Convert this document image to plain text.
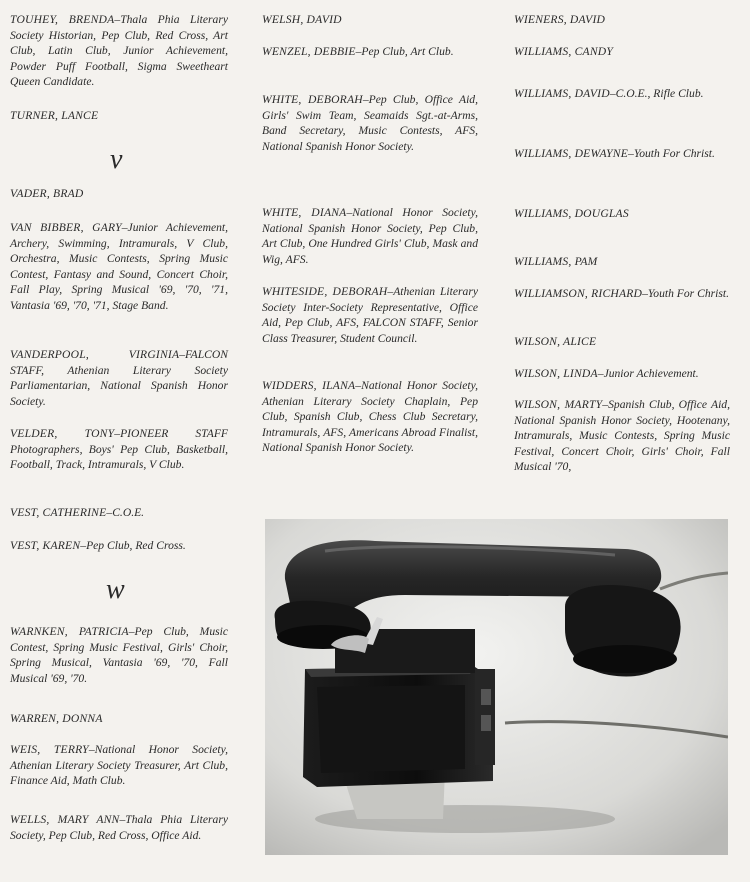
TOUHEY, BRENDA–Thala Phia Literary Society Historian, Pep Club, Red Cross, Art Club, Latin Club, Junior Achievement, Powder Puff Football, Sigma Sweetheart Queen Candidate.

TURNER, LANCE

v

VADER, BRAD

VAN BIBBER, GARY–Junior Achievement, Archery, Swimming, Intramurals, V Club, Orchestra, Music Contests, Spring Music Contest, Fantasy and Sound, Concert Choir, Fall Play, Spring Musical '69, '70, '71, Vantasia '69, '70, '71, Stage Band.

VANDERPOOL, VIRGINIA–FALCON STAFF, Athenian Literary Society Parliamentarian, National Spanish Honor Society.

VELDER, TONY–PIONEER STAFF Photographers, Boys' Pep Club, Basketball, Football, Track, Intramurals, V Club.

VEST, CATHERINE–C.O.E.

VEST, KAREN–Pep Club, Red Cross.

w

WARNKEN, PATRICIA–Pep Club, Music Contest, Spring Music Festival, Girls' Choir, Spring Musical, Vantasia '69, '70, Fall Musical '69, '70.

WARREN, DONNA

WEIS, TERRY–National Honor Society, Athenian Literary Society Treasurer, Art Club, Finance Aid, Math Club.

WELLS, MARY ANN–Thala Phia Literary Society, Pep Club, Red Cross, Office Aid.

WELSH, DAVID

WENZEL, DEBBIE–Pep Club, Art Club.

WHITE, DEBORAH–Pep Club, Office Aid, Girls' Swim Team, Seamaids Sgt.-at-Arms, Band Secretary, Music Contests, AFS, National Spanish Honor Society.

WHITE, DIANA–National Honor Society, National Spanish Honor Society, Pep Club, Art Club, One Hundred Girls' Club, Mask and Wig, AFS.

WHITESIDE, DEBORAH–Athenian Literary Society Inter-Society Representative, Office Aid, Pep Club, AFS, FALCON STAFF, Senior Class Treasurer, Student Council.

WIDDERS, ILANA–National Honor Society, Athenian Literary Society Chaplain, Pep Club, Spanish Club, Chess Club Secretary, Intramurals, AFS, Americans Abroad Finalist, National Spanish Honor Society.

WIENERS, DAVID

WILLIAMS, CANDY

WILLIAMS, DAVID–C.O.E., Rifle Club.

WILLIAMS, DEWAYNE–Youth For Christ.

WILLIAMS, DOUGLAS

WILLIAMS, PAM

WILLIAMSON, RICHARD–Youth For Christ.

WILSON, ALICE

WILSON, LINDA–Junior Achievement.

WILSON, MARTY–Spanish Club, Office Aid, National Spanish Honor Society, Hootenany, Intramurals, Music Contests, Spring Music Festival, Concert Choir, Girls' Choir, Fall Musical '70,
